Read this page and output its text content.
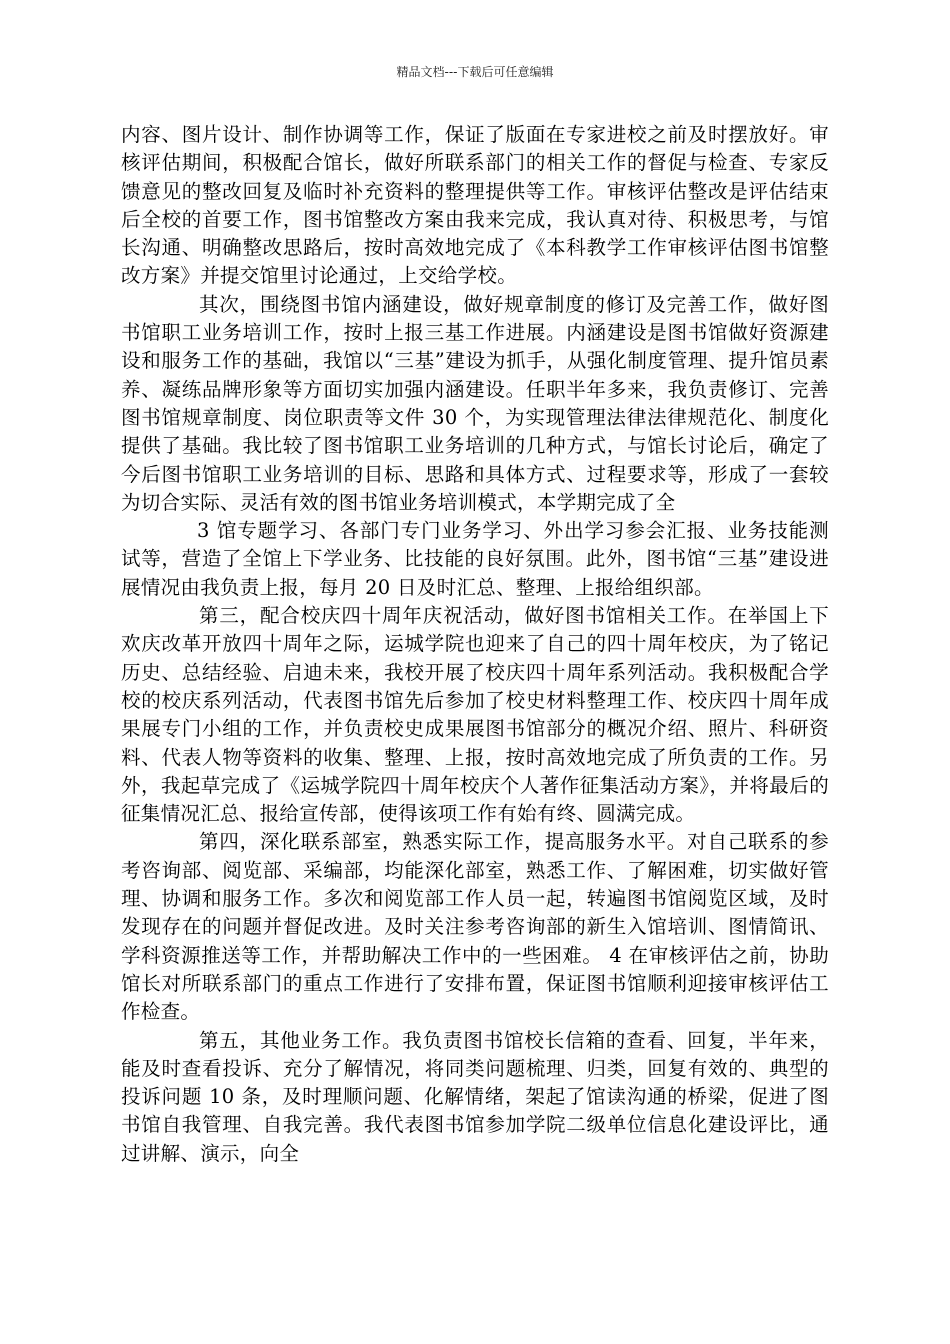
精品文档---下载后可任意编辑

内容、图片设计、制作协调等工作，保证了版面在专家进校之前及时摆放好。审核评估期间，积极配合馆长，做好所联系部门的相关工作的督促与检查、专家反馈意见的整改回复及临时补充资料的整理提供等工作。审核评估整改是评估结束后全校的首要工作，图书馆整改方案由我来完成，我认真对待、积极思考，与馆长沟通、明确整改思路后，按时高效地完成了《本科教学工作审核评估图书馆整改方案》并提交馆里讨论通过，上交给学校。

其次，围绕图书馆内涵建设，做好规章制度的修订及完善工作，做好图书馆职工业务培训工作，按时上报三基工作进展。内涵建设是图书馆做好资源建设和服务工作的基础，我馆以“三基”建设为抓手，从强化制度管理、提升馆员素养、凝练品牌形象等方面切实加强内涵建设。任职半年多来，我负责修订、完善图书馆规章制度、岗位职责等文件 30 个，为实现管理法律法律规范化、制度化提供了基础。我比较了图书馆职工业务培训的几种方式，与馆长讨论后，确定了今后图书馆职工业务培训的目标、思路和具体方式、过程要求等，形成了一套较为切合实际、灵活有效的图书馆业务培训模式，本学期完成了全

3 馆专题学习、各部门专门业务学习、外出学习参会汇报、业务技能测试等，营造了全馆上下学业务、比技能的良好氛围。此外，图书馆“三基”建设进展情况由我负责上报，每月 20 日及时汇总、整理、上报给组织部。

第三，配合校庆四十周年庆祝活动，做好图书馆相关工作。在举国上下欢庆改革开放四十周年之际，运城学院也迎来了自己的四十周年校庆，为了铭记历史、总结经验、启迪未来，我校开展了校庆四十周年系列活动。我积极配合学校的校庆系列活动，代表图书馆先后参加了校史材料整理工作、校庆四十周年成果展专门小组的工作，并负责校史成果展图书馆部分的概况介绍、照片、科研资料、代表人物等资料的收集、整理、上报，按时高效地完成了所负责的工作。另外，我起草完成了《运城学院四十周年校庆个人著作征集活动方案》，并将最后的征集情况汇总、报给宣传部，使得该项工作有始有终、圆满完成。

第四，深化联系部室，熟悉实际工作，提高服务水平。对自己联系的参考咨询部、阅览部、采编部，均能深化部室，熟悉工作、了解困难，切实做好管理、协调和服务工作。多次和阅览部工作人员一起，转遍图书馆阅览区域，及时发现存在的问题并督促改进。及时关注参考咨询部的新生入馆培训、图情简讯、学科资源推送等工作，并帮助解决工作中的一些困难。 4 在审核评估之前，协助馆长对所联系部门的重点工作进行了安排布置，保证图书馆顺利迎接审核评估工作检查。

第五，其他业务工作。我负责图书馆校长信箱的查看、回复，半年来，能及时查看投诉、充分了解情况，将同类问题梳理、归类，回复有效的、典型的投诉问题 10 条，及时理顺问题、化解情绪，架起了馆读沟通的桥梁，促进了图书馆自我管理、自我完善。我代表图书馆参加学院二级单位信息化建设评比，通过讲解、演示，向全
